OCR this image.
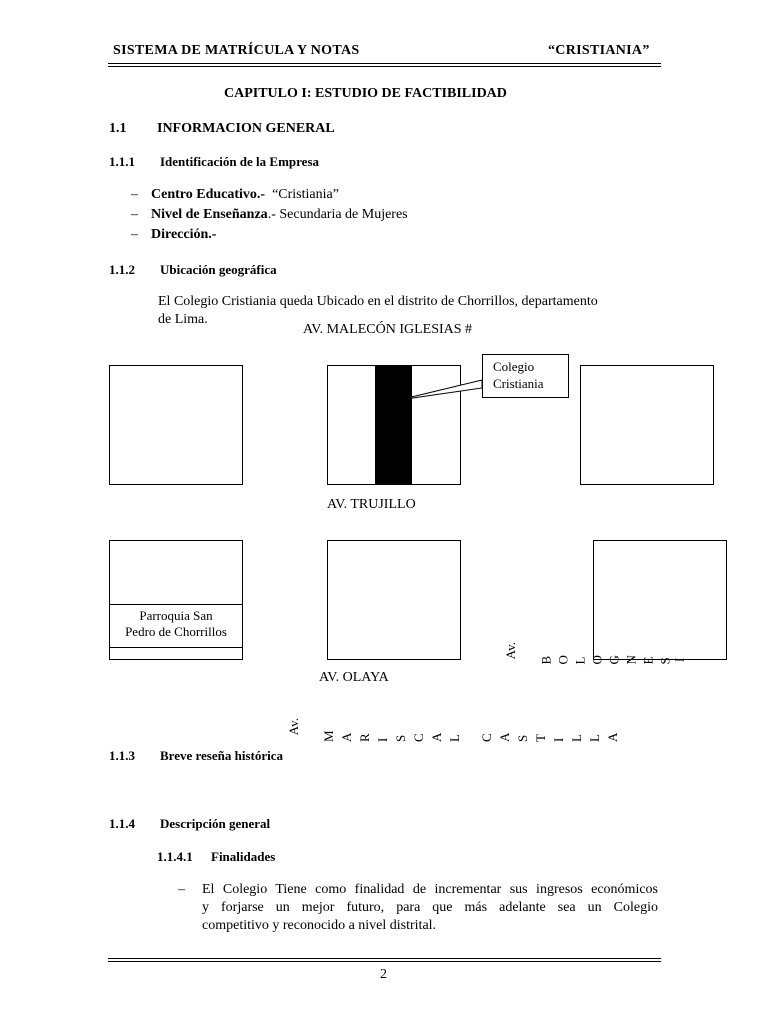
SISTEMA DE MATRÍCULA Y NOTAS	“CRISTIANIA”
CAPITULO I: ESTUDIO DE FACTIBILIDAD
1.1 INFORMACION GENERAL
1.1.1 Identificación de la Empresa
– Centro Educativo.-  “Cristiania”
– Nivel de Enseñanza.- Secundaria de Mujeres
– Dirección.-
1.1.2 Ubicación geográfica
El Colegio Cristiania queda Ubicado en el distrito de Chorrillos, departamento
de Lima.
AV. MALECÓN IGLESIAS #
Colegio
Cristiania
AV. TRUJILLO
Parroquia San
Pedro de Chorrillos
AV. OLAYA
Av.
B O L O G N E SI
Av.
M A R I S C A L C A S T I L L A
1.1.3 Breve reseña histórica
1.1.4 Descripción general
1.1.4.1 Finalidades
– El Colegio Tiene como finalidad de incrementar sus ingresos económicos
y forjarse un mejor futuro, para que más adelante sea un Colegio
competitivo y reconocido a nivel distrital.
2
